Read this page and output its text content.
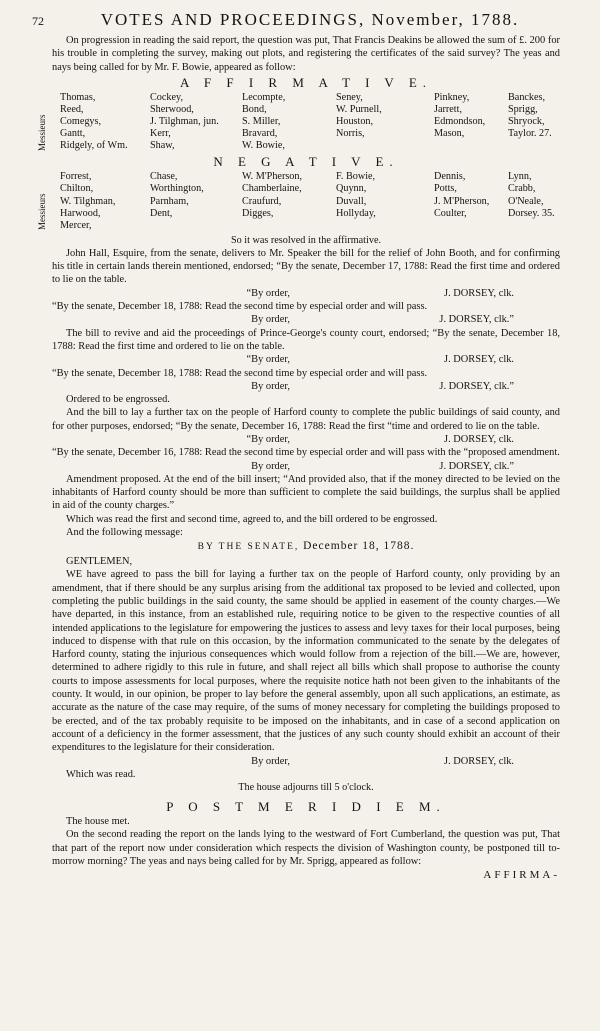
72	VOTES AND PROCEEDINGS, November, 1788.

On progression in reading the said report, the question was put, That Francis Deakins be allowed the sum of £. 200 for his trouble in completing the survey, making out plots, and registering the certificates of the said survey? The yeas and nays being called for by Mr. F. Bowie, appeared as follow:

A F F I R M A T I V E.
Messieurs
Thomas,	Cockey,	Lecompte,	Seney,	Pinkney,	Banckes,
Reed,	Sherwood,	Bond,	W. Purnell,	Jarrett,	Sprigg,
Comegys,	J. Tilghman, jun.	S. Miller,	Houston,	Edmondson,	Shryock,
Gantt,	Kerr,	Bravard,	Norris,	Mason,	Taylor. 27.
Ridgely, of Wm.	Shaw,	W. Bowie,
N E G A T I V E.
Messieurs
Forrest,	Chase,	W. M'Pherson,	F. Bowie,	Dennis,	Lynn,
Chilton,	Worthington,	Chamberlaine,	Quynn,	Potts,	Crabb,
W. Tilghman,	Parnham,	Craufurd,	Duvall,	J. M'Pherson,	O'Neale,
Harwood,	Dent,	Digges,	Hollyday,	Coulter,	Dorsey. 35.
Mercer,
So it was resolved in the affirmative.

John Hall, Esquire, from the senate, delivers to Mr. Speaker the bill for the relief of John Booth, and for confirming his title in certain lands therein mentioned, endorsed; “By the senate, December 17, 1788: Read the first time and ordered to lie on the table.

“By order,	J. DORSEY, clk.

“By the senate, December 18, 1788: Read the second time by especial order and will pass.

By order,	J. DORSEY, clk.”

The bill to revive and aid the proceedings of Prince-George's county court, endorsed; “By the senate, December 18, 1788: Read the first time and ordered to lie on the table.

“By order,	J. DORSEY, clk.

“By the senate, December 18, 1788: Read the second time by especial order and will pass.

By order,	J. DORSEY, clk.”

Ordered to be engrossed.

And the bill to lay a further tax on the people of Harford county to complete the public buildings of said county, and for other purposes, endorsed; “By the senate, December 16, 1788: Read the first “time and ordered to lie on the table.

“By order,	J. DORSEY, clk.

“By the senate, December 16, 1788: Read the second time by especial order and will pass with the “proposed amendment.

By order,	J. DORSEY, clk.”

Amendment proposed. At the end of the bill insert; “And provided also, that if the money directed to be levied on the inhabitants of Harford county should be more than sufficient to complete the said buildings, the surplus shall be applied in aid of the county charges.”

Which was read the first and second time, agreed to, and the bill ordered to be engrossed.

And the following message:

BY THE SENATE, December 18, 1788.
GENTLEMEN,

WE have agreed to pass the bill for laying a further tax on the people of Harford county, only providing by an amendment, that if there should be any surplus arising from the additional tax proposed to be levied and collected, upon completing the public buildings in the said county, the same should be applied in easement of the county charges.—We have departed, in this instance, from an established rule, requiring notice to be given to the respective counties of all intended applications to the legislature for empowering the justices to assess and levy taxes for their local purposes, being induced to dispense with that rule on this occasion, by the information communicated to the senate by the delegates of Harford county, stating the injurious consequences which would follow from a rejection of the bill.—We are, however, determined to adhere rigidly to this rule in future, and shall reject all bills which shall propose to authorise the county courts to impose assessments for local purposes, where the requisite notice hath not been given to the inhabitants of the county. It would, in our opinion, be proper to lay before the general assembly, upon all such applications, an estimate, as accurate as the nature of the case may require, of the sums of money necessary for completing the buildings proposed to be erected, and of the tax probably requisite to be imposed on the inhabitants, and in case of a second application on account of a deficiency in the former assessment, that the justices of any such county should exhibit an account of their expenditures to the legislature for their consideration.

By order,	J. DORSEY, clk.

Which was read.

The house adjourns till 5 o'clock.
P O S T M E R I D I E M.

The house met.

On the second reading the report on the lands lying to the westward of Fort Cumberland, the question was put, That that part of the report now under consideration which respects the division of Washington county, be postponed till to-morrow morning? The yeas and nays being called for by Mr. Sprigg, appeared as follow:

AFFIRMA-
